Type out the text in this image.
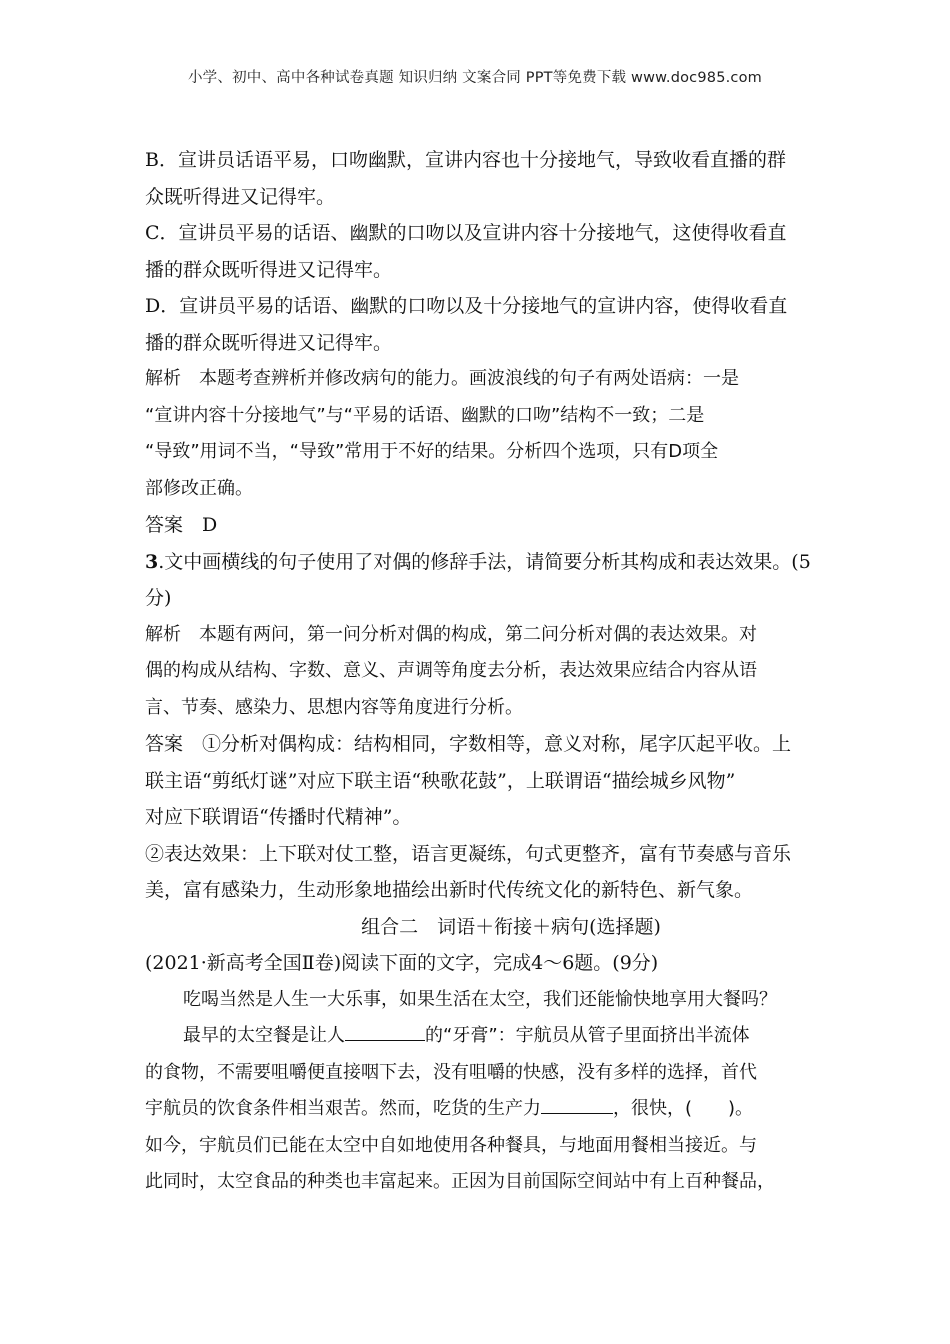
小学、初中、高中各种试卷真题 知识归纳 文案合同 PPT等免费下载 www.doc985.com
B．宣讲员话语平易，口吻幽默，宣讲内容也十分接地气，导致收看直播的群
众既听得进又记得牢。
C．宣讲员平易的话语、幽默的口吻以及宣讲内容十分接地气，这使得收看直
播的群众既听得进又记得牢。
D．宣讲员平易的话语、幽默的口吻以及十分接地气的宣讲内容，使得收看直
播的群众既听得进又记得牢。
解析　本题考查辨析并修改病句的能力。画波浪线的句子有两处语病：一是
“宣讲内容十分接地气”与“平易的话语、幽默的口吻”结构不一致；二是
“导致”用词不当，“导致”常用于不好的结果。分析四个选项，只有D项全
部修改正确。
答案　D
3.文中画横线的句子使用了对偶的修辞手法，请简要分析其构成和表达效果。(5
分)
解析　本题有两问，第一问分析对偶的构成，第二问分析对偶的表达效果。对
偶的构成从结构、字数、意义、声调等角度去分析，表达效果应结合内容从语
言、节奏、感染力、思想内容等角度进行分析。
答案　①分析对偶构成：结构相同，字数相等，意义对称，尾字仄起平收。上
联主语“剪纸灯谜”对应下联主语“秧歌花鼓”，上联谓语“描绘城乡风物”
对应下联谓语“传播时代精神”。
②表达效果：上下联对仗工整，语言更凝练，句式更整齐，富有节奏感与音乐
美，富有感染力，生动形象地描绘出新时代传统文化的新特色、新气象。
组合二　词语＋衔接＋病句(选择题)
(2021·新高考全国Ⅱ卷)阅读下面的文字，完成4～6题。(9分)
吃喝当然是人生一大乐事，如果生活在太空，我们还能愉快地享用大餐吗？
最早的太空餐是让人	的“牙膏”：宇航员从管子里面挤出半流体
的食物，不需要咀嚼便直接咽下去，没有咀嚼的快感，没有多样的选择，首代
宇航员的饮食条件相当艰苦。然而，吃货的生产力	，很快，(　　)。
如今，宇航员们已能在太空中自如地使用各种餐具，与地面用餐相当接近。与
此同时，太空食品的种类也丰富起来。正因为目前国际空间站中有上百种餐品，
